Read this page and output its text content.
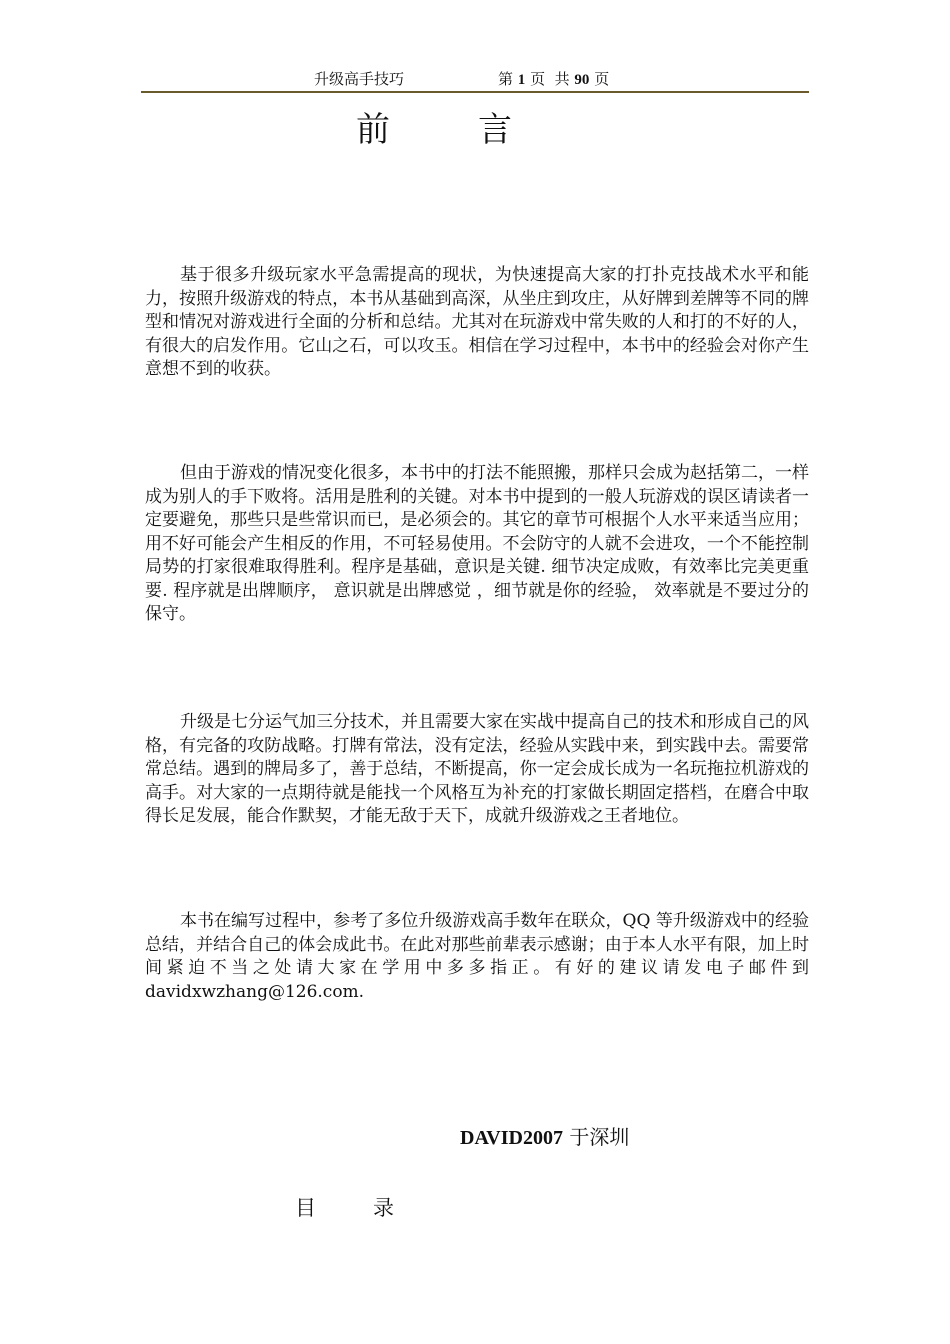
升级高手技巧	第 1 页  共 90 页
前	言

基于很多升级玩家水平急需提高的现状，为快速提高大家的打扑克技战术水平和能力，按照升级游戏的特点，本书从基础到高深，从坐庄到攻庄，从好牌到差牌等不同的牌型和情况对游戏进行全面的分析和总结。尤其对在玩游戏中常失败的人和打的不好的人，有很大的启发作用。它山之石，可以攻玉。相信在学习过程中，本书中的经验会对你产生意想不到的收获。

但由于游戏的情况变化很多，本书中的打法不能照搬，那样只会成为赵括第二，一样成为别人的手下败将。活用是胜利的关键。对本书中提到的一般人玩游戏的误区请读者一定要避免，那些只是些常识而已，是必须会的。其它的章节可根据个人水平来适当应用；用不好可能会产生相反的作用，不可轻易使用。不会防守的人就不会进攻，一个不能控制局势的打家很难取得胜利。程序是基础，意识是关键. 细节决定成败，有效率比完美更重要. 程序就是出牌顺序， 意识就是出牌感觉 ，细节就是你的经验， 效率就是不要过分的保守。

升级是七分运气加三分技术，并且需要大家在实战中提高自己的技术和形成自己的风格，有完备的攻防战略。打牌有常法，没有定法，经验从实践中来，到实践中去。需要常常总结。遇到的牌局多了，善于总结，不断提高，你一定会成长成为一名玩拖拉机游戏的高手。对大家的一点期待就是能找一个风格互为补充的打家做长期固定搭档，在磨合中取得长足发展，能合作默契，才能无敌于天下，成就升级游戏之王者地位。

本书在编写过程中，参考了多位升级游戏高手数年在联众，QQ 等升级游戏中的经验总结，并结合自己的体会成此书。在此对那些前辈表示感谢；由于本人水平有限，加上时间紧迫不当之处请大家在学用中多多指正。有好的建议请发电子邮件到 davidxwzhang@126.com.

DAVID2007 于深圳
目	录
